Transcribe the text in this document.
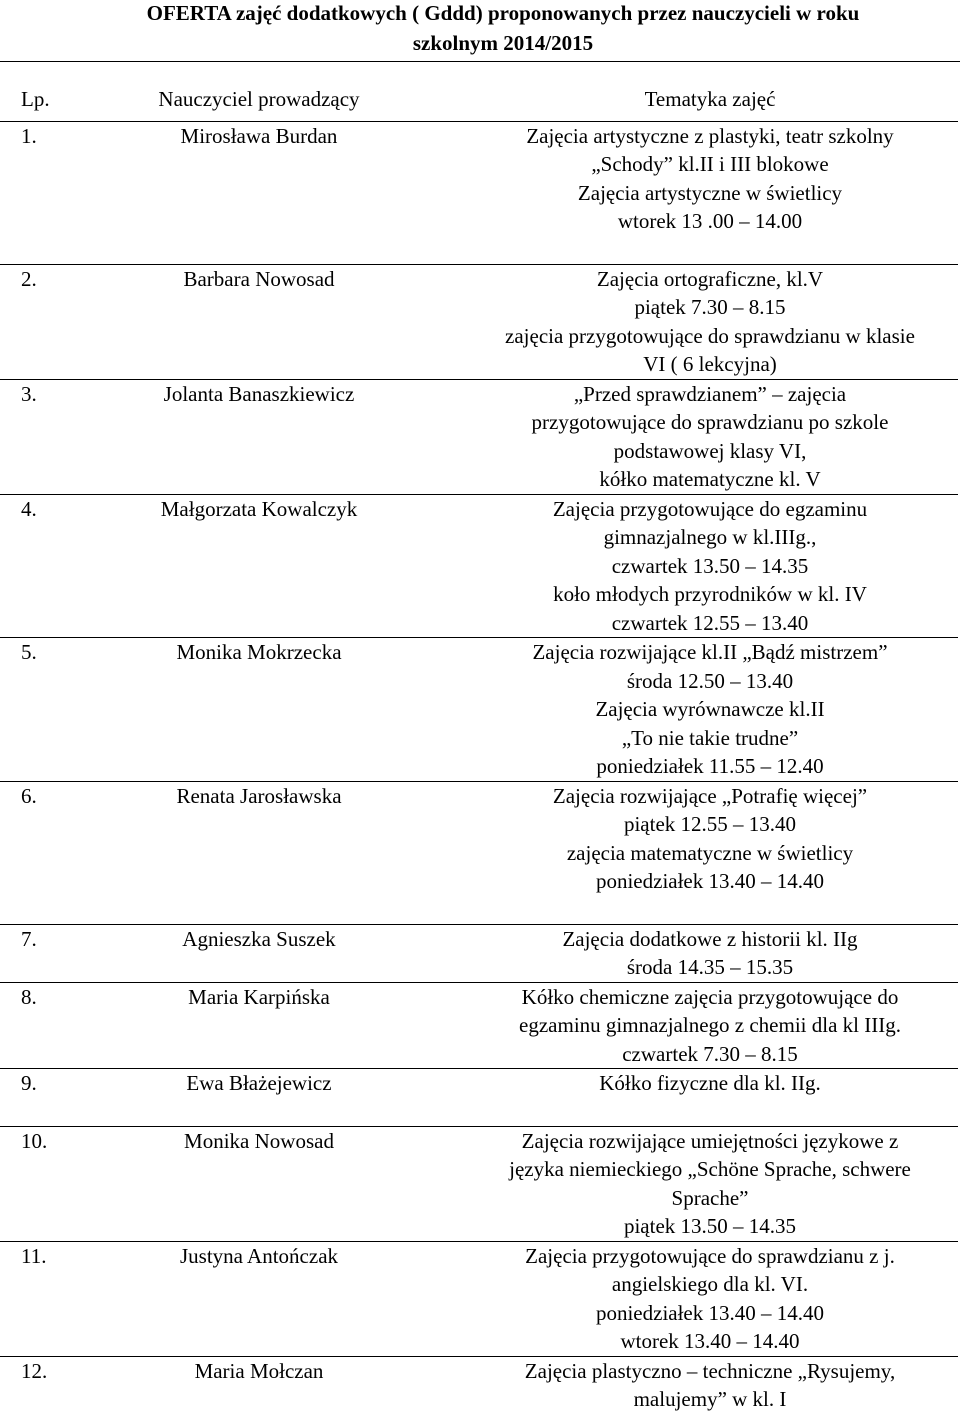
OFERTA zajęć dodatkowych ( Gddd) proponowanych przez nauczycieli w roku
szkolnym 2014/2015
Lp.	Nauczyciel prowadzący	Tematyka zajęć
1.	Mirosława Burdan	Zajęcia artystyczne z plastyki, teatr szkolny
„Schody” kl.II i III blokowe
Zajęcia artystyczne w świetlicy
wtorek 13 .00 – 14.00

2.	Barbara Nowosad	Zajęcia ortograficzne, kl.V
piątek 7.30 – 8.15
zajęcia przygotowujące do sprawdzianu w klasie
VI ( 6 lekcyjna)

3.	Jolanta Banaszkiewicz	„Przed sprawdzianem” – zajęcia
przygotowujące do sprawdzianu po szkole
podstawowej klasy VI,
kółko matematyczne kl. V

4.	Małgorzata Kowalczyk	Zajęcia przygotowujące do egzaminu
gimnazjalnego w kl.IIIg.,
czwartek 13.50 – 14.35
koło młodych przyrodników w kl. IV
czwartek 12.55 – 13.40

5.	Monika Mokrzecka	Zajęcia rozwijające kl.II „Bądź mistrzem”
środa 12.50 – 13.40
Zajęcia wyrównawcze kl.II
„To nie takie trudne”
poniedziałek 11.55 – 12.40

6.	Renata Jarosławska	Zajęcia rozwijające „Potrafię więcej”
piątek 12.55 – 13.40
zajęcia matematyczne w świetlicy
poniedziałek 13.40 – 14.40

7.	Agnieszka Suszek	Zajęcia dodatkowe z historii kl. IIg
środa 14.35 – 15.35

8.	Maria Karpińska	Kółko chemiczne zajęcia przygotowujące do
egzaminu gimnazjalnego z chemii dla kl IIIg.
czwartek 7.30 – 8.15

9.	Ewa Błażejewicz	Kółko fizyczne dla kl. IIg.

10.	Monika Nowosad	Zajęcia rozwijające umiejętności językowe z
języka niemieckiego „Schöne Sprache, schwere
Sprache”
piątek 13.50 – 14.35

11.	Justyna Antończak	Zajęcia przygotowujące do sprawdzianu z j.
angielskiego dla kl. VI.
poniedziałek 13.40 – 14.40
wtorek 13.40 – 14.40

12.	Maria Mołczan	Zajęcia plastyczno – techniczne „Rysujemy,
malujemy” w kl. I
